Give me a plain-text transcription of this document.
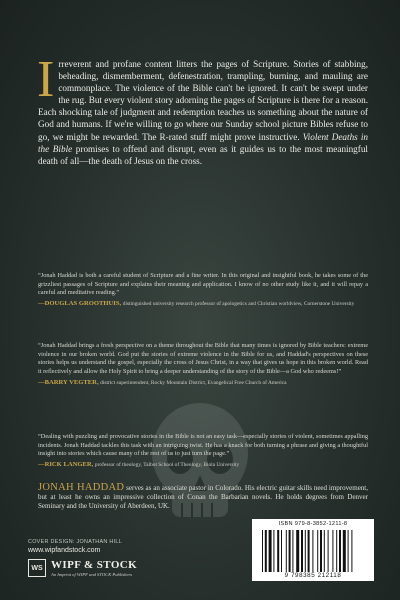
Irreverent and profane content litters the pages of Scripture. Stories of stabbing, beheading, dismemberment, defenestration, trampling, burning, and mauling are commonplace. The violence of the Bible can't be ignored. It can't be swept under the rug. But every violent story adorning the pages of Scripture is there for a reason. Each shocking tale of judgment and redemption teaches us something about the nature of God and humans. If we're willing to go where our Sunday school picture Bibles refuse to go, we might be rewarded. The R-rated stuff might prove instructive. Violent Deaths in the Bible promises to offend and disrupt, even as it guides us to the most meaningful death of all—the death of Jesus on the cross.
“Jonah Haddad is both a careful student of Scripture and a fine writer. In this original and insightful book, he takes some of the grizzliest passages of Scripture and explains their meaning and application. I know of no other study like it, and it will repay a careful and meditative reading.”
—DOUGLAS GROOTHUIS, distinguished university research professor of apologetics and Christian worldview, Cornerstone University
“Jonah Haddad brings a fresh perspective on a theme throughout the Bible that many times is ignored by Bible teachers: extreme violence in our broken world. God put the stories of extreme violence in the Bible for us, and Haddad's perspectives on these stories helps us understand the gospel, especially the cross of Jesus Christ, in a way that gives us hope in this broken world. Read it reflectively and allow the Holy Spirit to bring a deeper understanding of the story of the Bible—a God who redeems!”
—BARRY VEGTER, district superintendent, Rocky Mountain District, Evangelical Free Church of America
“Dealing with puzzling and provocative stories in the Bible is not an easy task—especially stories of violent, sometimes appalling incidents. Jonah Haddad tackles this task with an intriguing twist. He has a knack for both turning a phrase and giving a thoughtful insight into stories which cause many of the rest of us to just turn the page.”
—RICK LANGER, professor of theology, Talbot School of Theology, Biola University
JONAH HADDAD serves as an associate pastor in Colorado. His electric guitar skills need improvement, but at least he owns an impressive collection of Conan the Barbarian novels. He holds degrees from Denver Seminary and the University of Aberdeen, UK.
COVER DESIGN: JONATHAN HILL
www.wipfandstock.com
WS WIPF & STOCK
An Imprint of WIPF and STOCK Publishers
ISBN 979-8-3852-1211-8
9 798385 212118
